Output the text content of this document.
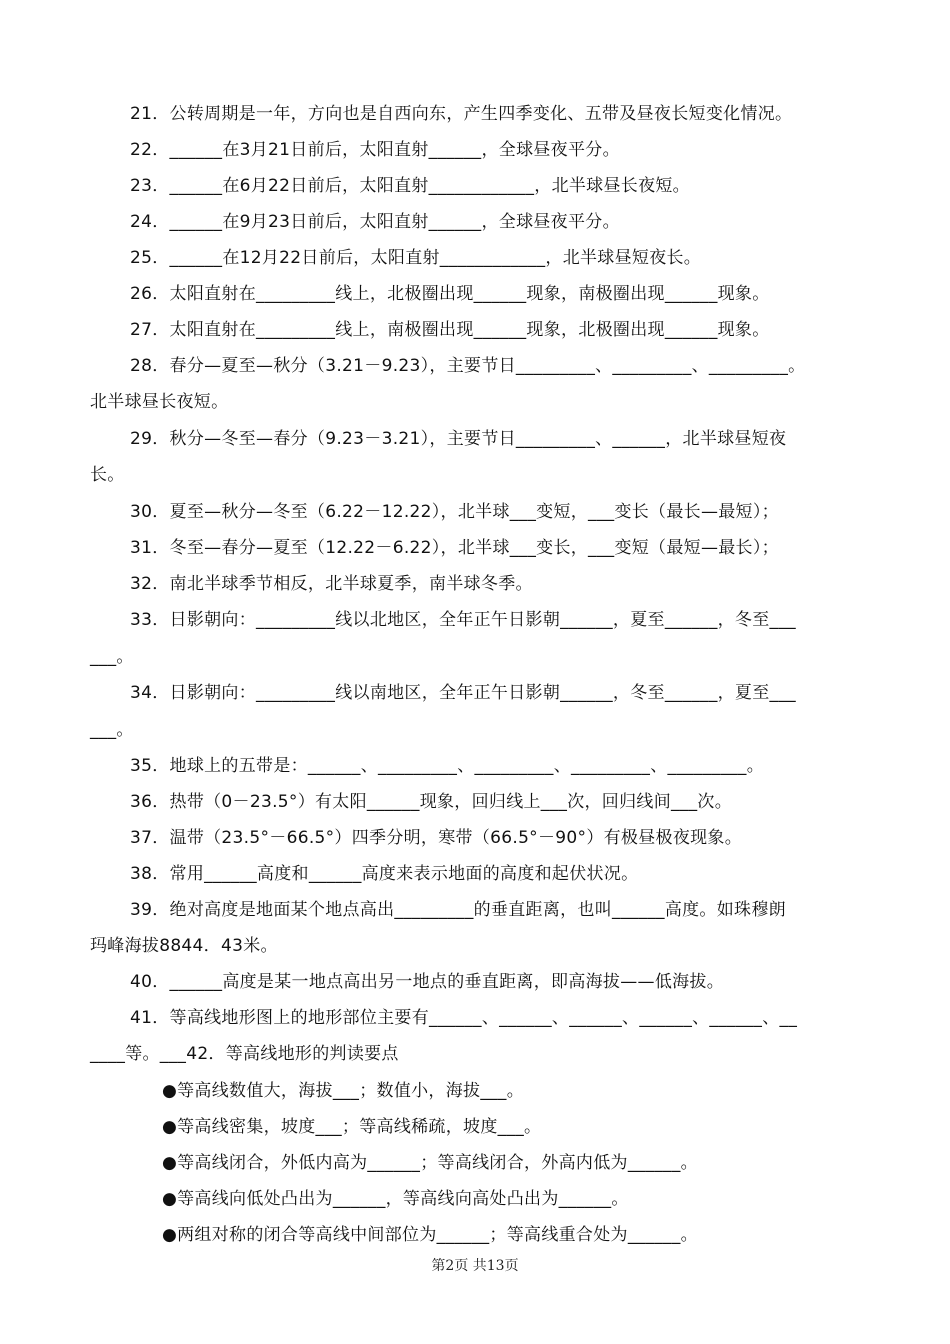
21．公转周期是一年，方向也是自西向东，产生四季变化、五带及昼夜长短变化情况。
22．______在3月21日前后，太阳直射______，全球昼夜平分。
23．______在6月22日前后，太阳直射____________，北半球昼长夜短。
24．______在9月23日前后，太阳直射______，全球昼夜平分。
25．______在12月22日前后，太阳直射____________，北半球昼短夜长。
26．太阳直射在_________线上，北极圈出现______现象，南极圈出现______现象。
27．太阳直射在_________线上，南极圈出现______现象，北极圈出现______现象。
28．春分—夏至—秋分（3.21－9.23），主要节日_________、_________、_________。
北半球昼长夜短。
29．秋分—冬至—春分（9.23－3.21），主要节日_________、______，北半球昼短夜
长。
30．夏至—秋分—冬至（6.22－12.22），北半球___变短，___变长（最长—最短）；
31．冬至—春分—夏至（12.22－6.22），北半球___变长，___变短（最短—最长）；
32．南北半球季节相反，北半球夏季，南半球冬季。
33．日影朝向：_________线以北地区，全年正午日影朝______，夏至______，冬至___
___。
34．日影朝向：_________线以南地区，全年正午日影朝______，冬至______，夏至___
___。
35．地球上的五带是：______、_________、_________、_________、_________。
36．热带（0－23.5°）有太阳______现象，回归线上___次，回归线间___次。
37．温带（23.5°－66.5°）四季分明，寒带（66.5°－90°）有极昼极夜现象。
38．常用______高度和______高度来表示地面的高度和起伏状况。
39．绝对高度是地面某个地点高出_________的垂直距离，也叫______高度。如珠穆朗
玛峰海拔8844．43米。
40．______高度是某一地点高出另一地点的垂直距离，即高海拔——低海拔。
41．等高线地形图上的地形部位主要有______、______、______、______、______、__
____等。___42．等高线地形的判读要点
●等高线数值大，海拔___；数值小，海拔___。
●等高线密集，坡度___；等高线稀疏，坡度___。
●等高线闭合，外低内高为______；等高线闭合，外高内低为______。
●等高线向低处凸出为______，等高线向高处凸出为______。
●两组对称的闭合等高线中间部位为______；等高线重合处为______。
第2页 共13页
